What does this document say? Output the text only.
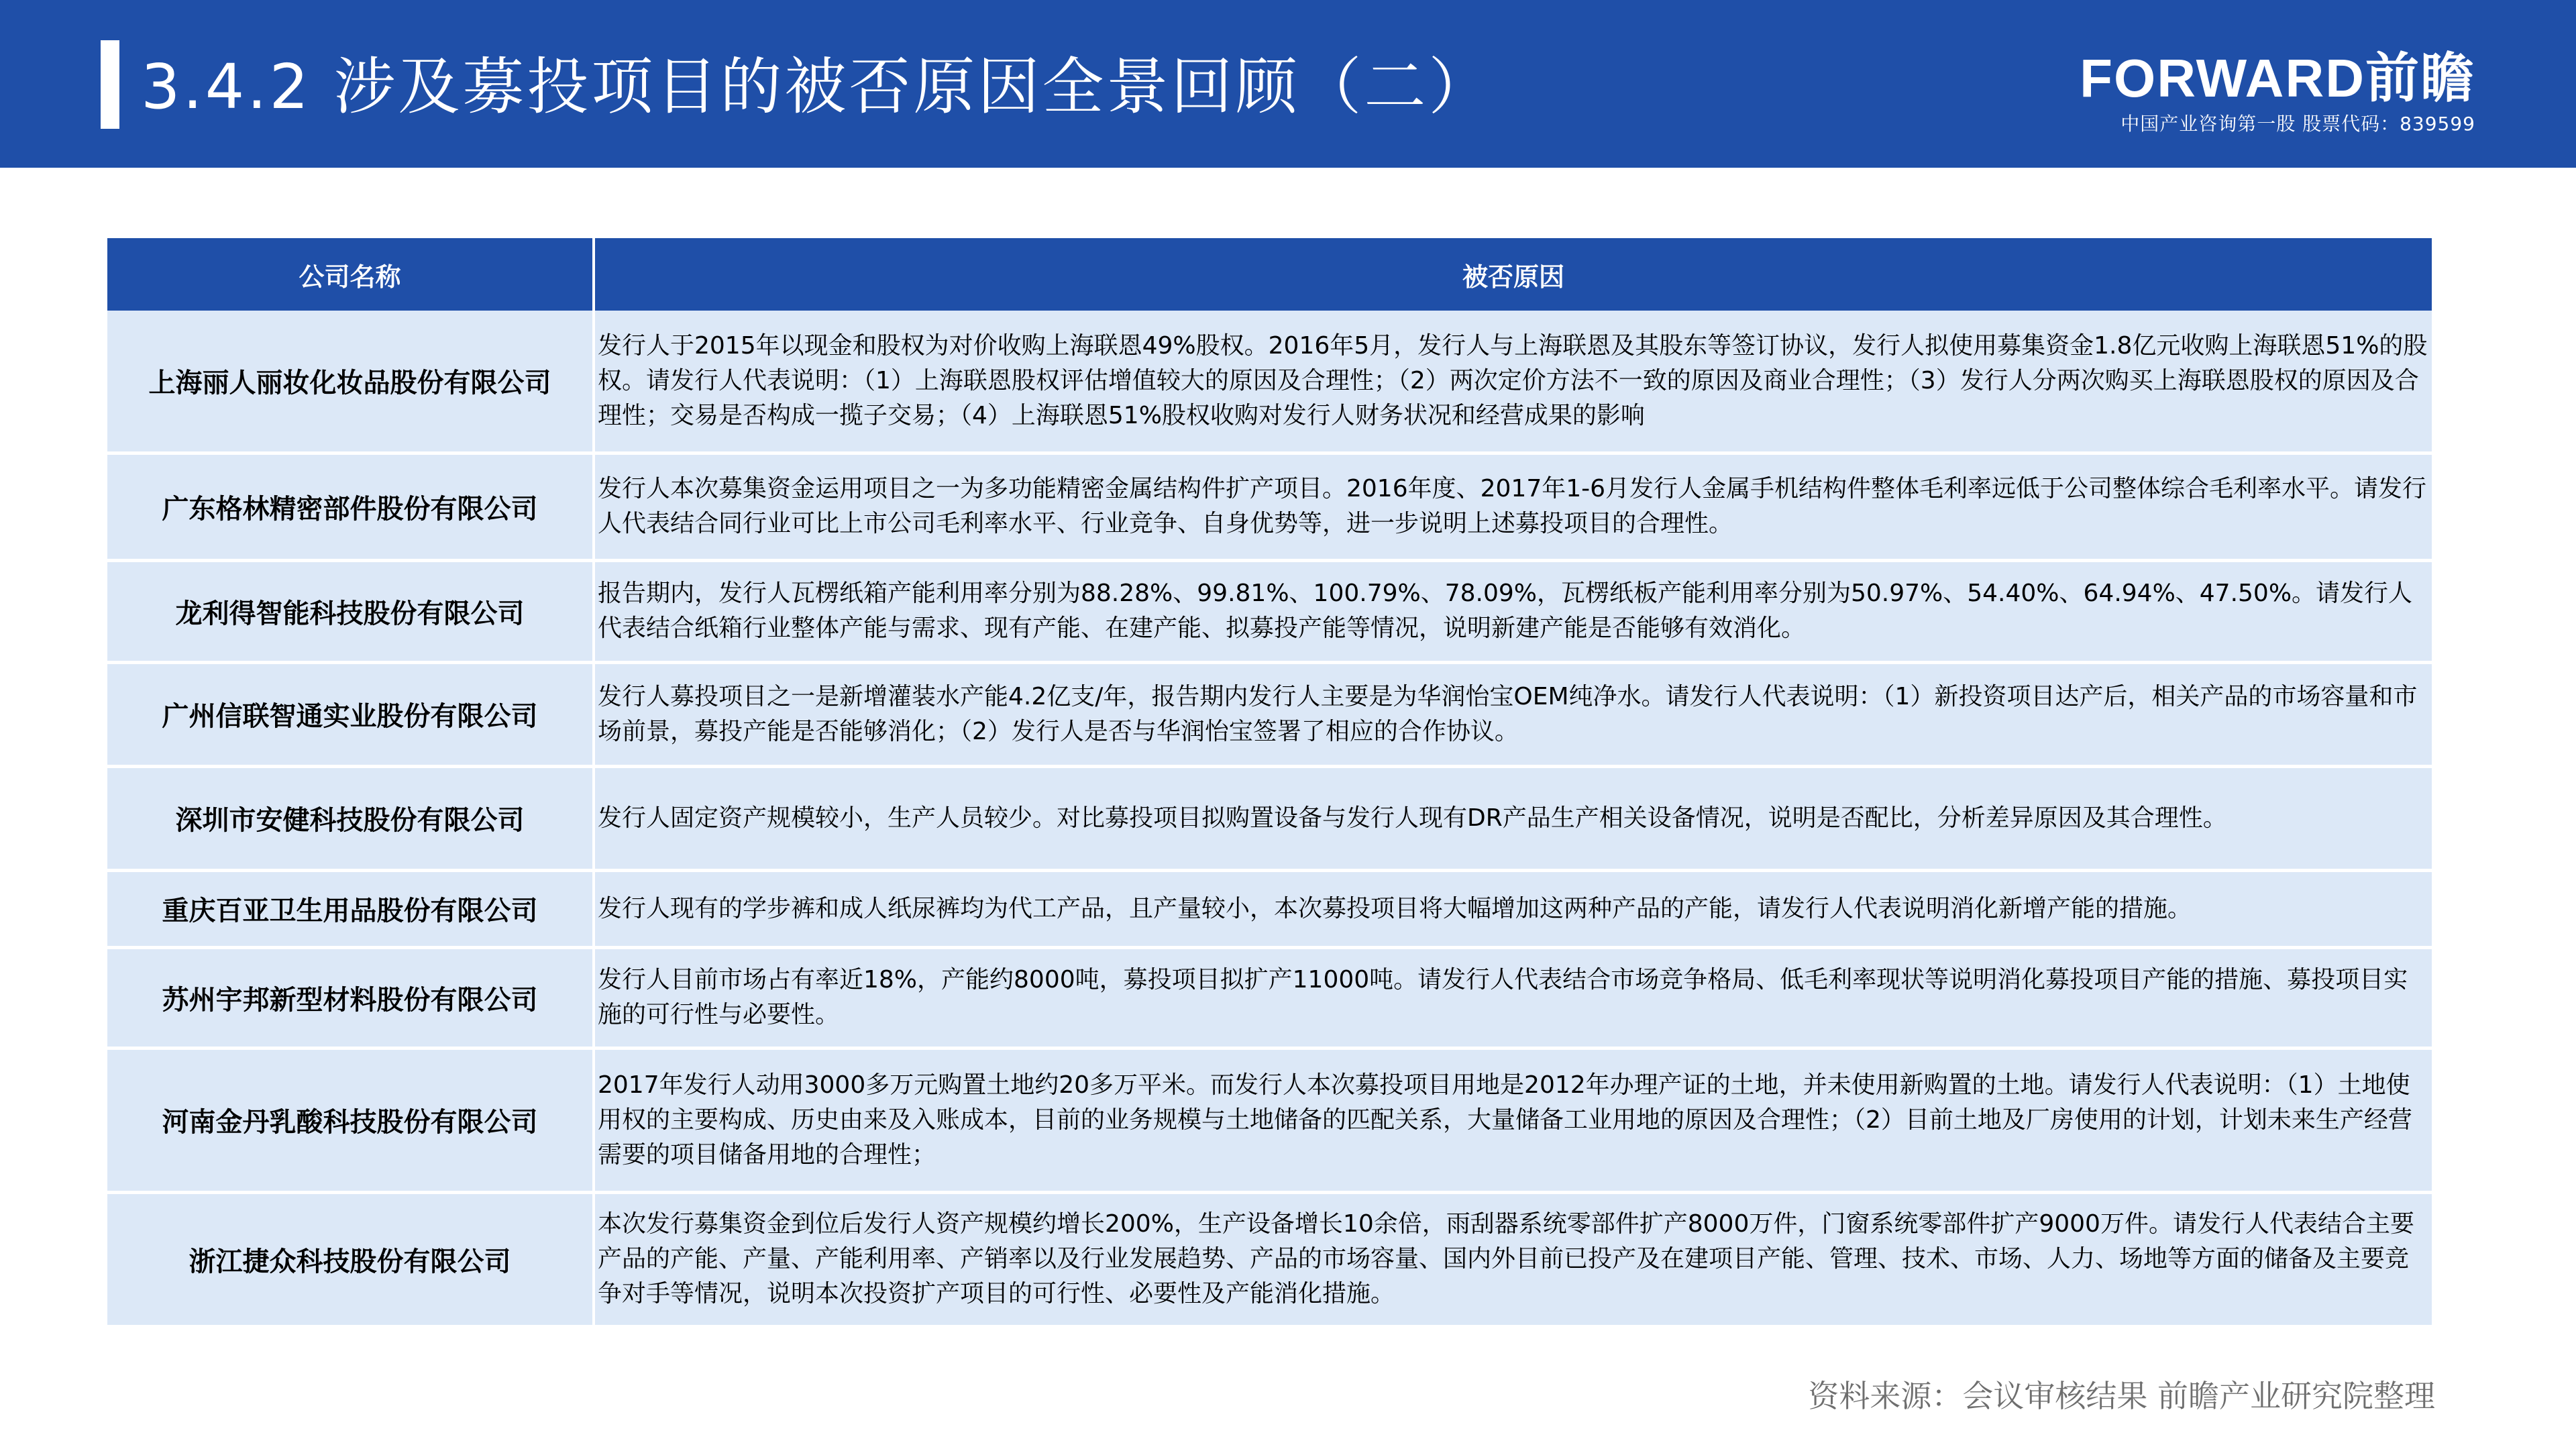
3.4.2 涉及募投项目的被否原因全景回顾（二）	FORWARD前瞻
中国产业咨询第一股 股票代码：839599
公司名称	被否原因
上海丽人丽妆化妆品股份有限公司	发行人于2015年以现金和股权为对价收购上海联恩49%股权。2016年5月，发行人与上海联恩及其股东等签订协议，发行人拟使用募集资金1.8亿元收购上海联恩51%的股权。请发行人代表说明：（1）上海联恩股权评估增值较大的原因及合理性；（2）两次定价方法不一致的原因及商业合理性；（3）发行人分两次购买上海联恩股权的原因及合理性；交易是否构成一揽子交易；（4）上海联恩51%股权收购对发行人财务状况和经营成果的影响
广东格林精密部件股份有限公司	发行人本次募集资金运用项目之一为多功能精密金属结构件扩产项目。2016年度、2017年1-6月发行人金属手机结构件整体毛利率远低于公司整体综合毛利率水平。请发行人代表结合同行业可比上市公司毛利率水平、行业竞争、自身优势等，进一步说明上述募投项目的合理性。
龙利得智能科技股份有限公司	报告期内，发行人瓦楞纸箱产能利用率分别为88.28%、99.81%、100.79%、78.09%，瓦楞纸板产能利用率分别为50.97%、54.40%、64.94%、47.50%。请发行人代表结合纸箱行业整体产能与需求、现有产能、在建产能、拟募投产能等情况，说明新建产能是否能够有效消化。
广州信联智通实业股份有限公司	发行人募投项目之一是新增灌装水产能4.2亿支/年，报告期内发行人主要是为华润怡宝OEM纯净水。请发行人代表说明：（1）新投资项目达产后，相关产品的市场容量和市场前景，募投产能是否能够消化；（2）发行人是否与华润怡宝签署了相应的合作协议。
深圳市安健科技股份有限公司	发行人固定资产规模较小，生产人员较少。对比募投项目拟购置设备与发行人现有DR产品生产相关设备情况，说明是否配比，分析差异原因及其合理性。
重庆百亚卫生用品股份有限公司	发行人现有的学步裤和成人纸尿裤均为代工产品，且产量较小，本次募投项目将大幅增加这两种产品的产能，请发行人代表说明消化新增产能的措施。
苏州宇邦新型材料股份有限公司	发行人目前市场占有率近18%，产能约8000吨，募投项目拟扩产11000吨。请发行人代表结合市场竞争格局、低毛利率现状等说明消化募投项目产能的措施、募投项目实施的可行性与必要性。
河南金丹乳酸科技股份有限公司	2017年发行人动用3000多万元购置土地约20多万平米。而发行人本次募投项目用地是2012年办理产证的土地，并未使用新购置的土地。请发行人代表说明：（1）土地使用权的主要构成、历史由来及入账成本，目前的业务规模与土地储备的匹配关系，大量储备工业用地的原因及合理性；（2）目前土地及厂房使用的计划，计划未来生产经营需要的项目储备用地的合理性；
浙江捷众科技股份有限公司	本次发行募集资金到位后发行人资产规模约增长200%，生产设备增长10余倍，雨刮器系统零部件扩产8000万件，门窗系统零部件扩产9000万件。请发行人代表结合主要产品的产能、产量、产能利用率、产销率以及行业发展趋势、产品的市场容量、国内外目前已投产及在建项目产能、管理、技术、市场、人力、场地等方面的储备及主要竞争对手等情况，说明本次投资扩产项目的可行性、必要性及产能消化措施。
资料来源：会议审核结果 前瞻产业研究院整理
